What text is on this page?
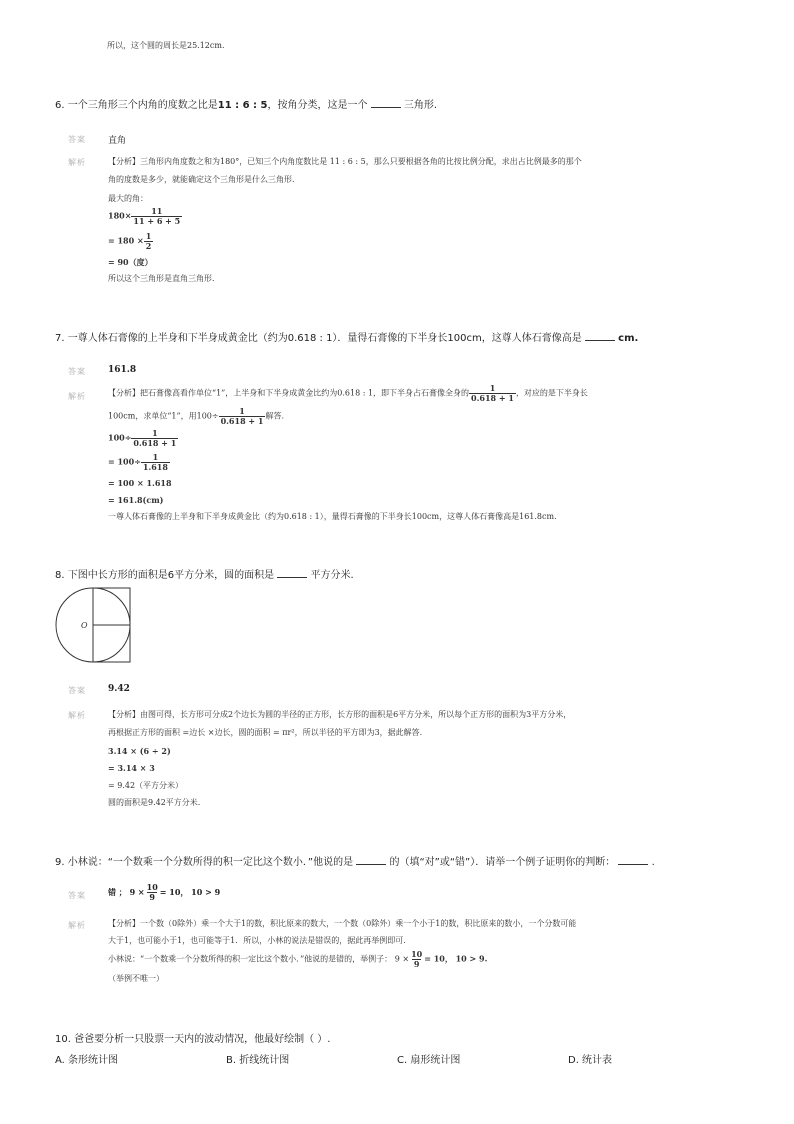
所以，这个圆的周长是25.12cm.
6. 一个三角形三个内角的度数之比是11 : 6 : 5，按角分类，这是一个	三角形.
答案 直角
解析	【分析】三角形内角度数之和为180°，已知三个内角度数比是 11 : 6 : 5，那么只要根据各角的比按比例分配，求出占比例最多的那个
角的度数是多少，就能确定这个三角形是什么三角形.
最大的角：
$180\times \frac{11}{11 + 6 + 5}$
= $180 \times \frac{1}{2}$
= 90（度）
所以这个三角形是直角三角形.
7. 一尊人体石膏像的上半身和下半身成黄金比（约为0.618 : 1）．量得石膏像的下半身长100cm，这尊人体石膏像高是	cm.
答案 161.8
解析	【分析】把石膏像高看作单位“1”，上半身和下半身成黄金比约为0.618 : 1，即下半身占石膏像全身的 $\frac{1}{0.618 + 1}$ ，对应的是下半身长
100cm，求单位“1”，用$100\div \frac{1}{0.618 + 1}$ 解答.
$100\div \frac{1}{0.618 + 1}$
= $100\div \frac{1}{1.618}$
= 100 × 1.618
= 161.8(cm)
一尊人体石膏像的上半身和下半身成黄金比（约为0.618 : 1），量得石膏像的下半身长100cm，这尊人体石膏像高是161.8cm.
8. 下图中长方形的面积是6平方分米，圆的面积是	平方分米.
O
答案 9.42
解析	【分析】由图可得，长方形可分成2个边长为圆的半径的正方形，长方形的面积是6平方分米，所以每个正方形的面积为3平方分米，
再根据正方形的面积 =边长 ×边长，圆的面积 = πr²，所以半径的平方即为3，据此解答.
3.14 × (6 ÷ 2)
= 3.14 × 3
= 9.42（平方分米）
圆的面积是9.42平方分米.
9. 小林说：“一个数乘一个分数所得的积一定比这个数小．”他说的是	的（填“对”或“错”）．请举一个例子证明你的判断：	.
答案	错 ； $9 \times \frac{10}{9} = 10$， 10 > 9
解析	【分析】一个数（0除外）乘一个大于1的数，积比原来的数大，一个数（0除外）乘一个小于1的数，积比原来的数小，一个分数可能
大于1，也可能小于1，也可能等于1．所以，小林的说法是错误的，据此再举例即可.
小林说：“一个数乘一个分数所得的积一定比这个数小．”他说的是错的，举例子： $9 \times \frac{10}{9} = 10$， 10 > 9.
（举例不唯一）
10. 爸爸要分析一只股票一天内的波动情况，他最好绘制（ ）.
A. 条形统计图	B. 折线统计图	C. 扇形统计图	D. 统计表
